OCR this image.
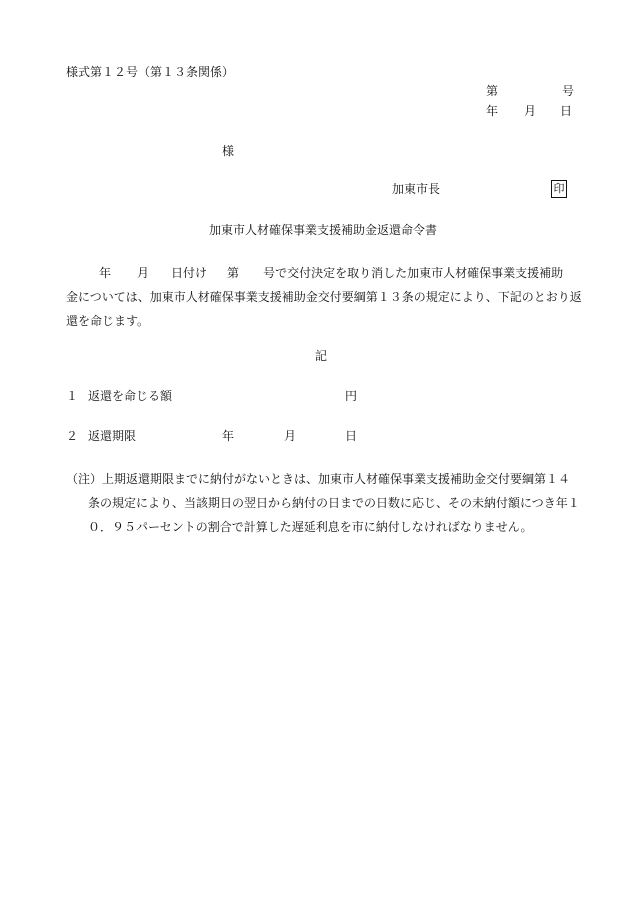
様式第１２号（第１３条関係）
第	号
年 月 日
様
加東市長	印
加東市人材確保事業支援補助金返還命令書
年 月 日付け 第 号で交付決定を取り消した加東市人材確保事業支援補助
金については、加東市人材確保事業支援補助金交付要綱第１３条の規定により、下記のとおり返
還を命じます。
記
１ 返還を命じる額	円
２ 返還期限	年	月	日
（注）上期返還期限までに納付がないときは、加東市人材確保事業支援補助金交付要綱第１４
条の規定により、当該期日の翌日から納付の日までの日数に応じ、その未納付額につき年１
０．９５パーセントの割合で計算した遅延利息を市に納付しなければなりません。
